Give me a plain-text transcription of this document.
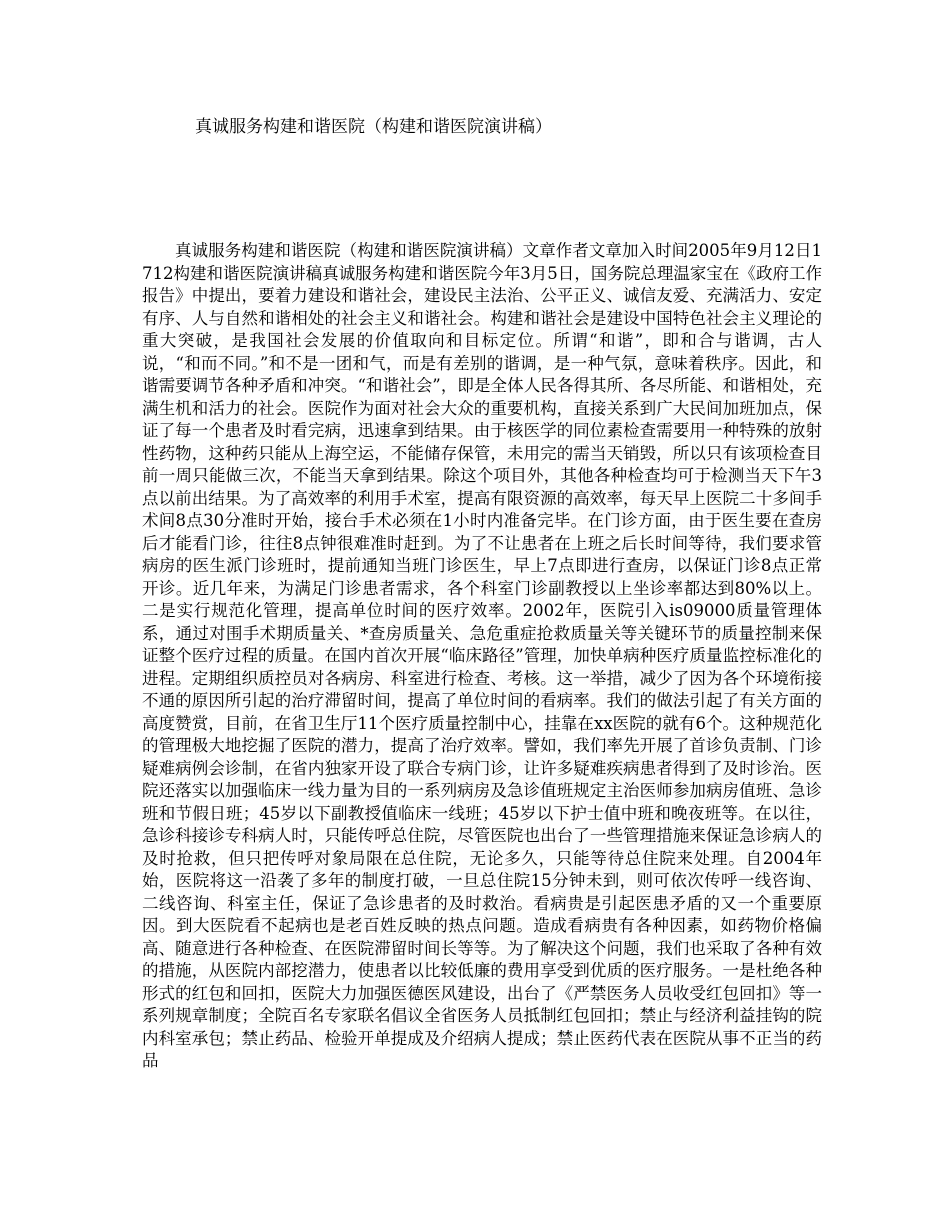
真诚服务构建和谐医院（构建和谐医院演讲稿）

真诚服务构建和谐医院（构建和谐医院演讲稿）文章作者文章加入时间2005年9月12日1712构建和谐医院演讲稿真诚服务构建和谐医院今年3月5日，国务院总理温家宝在《政府工作报告》中提出，要着力建设和谐社会，建设民主法治、公平正义、诚信友爱、充满活力、安定有序、人与自然和谐相处的社会主义和谐社会。构建和谐社会是建设中国特色社会主义理论的重大突破，是我国社会发展的价值取向和目标定位。所谓“和谐”，即和合与谐调，古人说，“和而不同。”和不是一团和气，而是有差别的谐调，是一种气氛，意味着秩序。因此，和谐需要调节各种矛盾和冲突。“和谐社会”，即是全体人民各得其所、各尽所能、和谐相处，充满生机和活力的社会。医院作为面对社会大众的重要机构，直接关系到广大民间加班加点，保证了每一个患者及时看完病，迅速拿到结果。由于核医学的同位素检查需要用一种特殊的放射性药物，这种药只能从上海空运，不能储存保管，未用完的需当天销毁，所以只有该项检查目前一周只能做三次，不能当天拿到结果。除这个项目外，其他各种检查均可于检测当天下午3点以前出结果。为了高效率的利用手术室，提高有限资源的高效率，每天早上医院二十多间手术间8点30分准时开始，接台手术必须在1小时内准备完毕。在门诊方面，由于医生要在查房后才能看门诊，往往8点钟很难准时赶到。为了不让患者在上班之后长时间等待，我们要求管病房的医生派门诊班时，提前通知当班门诊医生，早上7点即进行查房，以保证门诊8点正常开诊。近几年来，为满足门诊患者需求，各个科室门诊副教授以上坐诊率都达到80%以上。二是实行规范化管理，提高单位时间的医疗效率。2002年，医院引入is09000质量管理体系，通过对围手术期质量关、*查房质量关、急危重症抢救质量关等关键环节的质量控制来保证整个医疗过程的质量。在国内首次开展“临床路径”管理，加快单病种医疗质量监控标准化的进程。定期组织质控员对各病房、科室进行检查、考核。这一举措，减少了因为各个环境衔接不通的原因所引起的治疗滞留时间，提高了单位时间的看病率。我们的做法引起了有关方面的高度赞赏，目前，在省卫生厅11个医疗质量控制中心，挂靠在xx医院的就有6个。这种规范化的管理极大地挖掘了医院的潜力，提高了治疗效率。譬如，我们率先开展了首诊负责制、门诊疑难病例会诊制，在省内独家开设了联合专病门诊，让许多疑难疾病患者得到了及时诊治。医院还落实以加强临床一线力量为目的一系列病房及急诊值班规定主治医师参加病房值班、急诊班和节假日班；45岁以下副教授值临床一线班；45岁以下护士值中班和晚夜班等。在以往，急诊科接诊专科病人时，只能传呼总住院，尽管医院也出台了一些管理措施来保证急诊病人的及时抢救，但只把传呼对象局限在总住院，无论多久，只能等待总住院来处理。自2004年始，医院将这一沿袭了多年的制度打破，一旦总住院15分钟未到，则可依次传呼一线咨询、二线咨询、科室主任，保证了急诊患者的及时救治。看病贵是引起医患矛盾的又一个重要原因。到大医院看不起病也是老百姓反映的热点问题。造成看病贵有各种因素，如药物价格偏高、随意进行各种检查、在医院滞留时间长等等。为了解决这个问题，我们也采取了各种有效的措施，从医院内部挖潜力，使患者以比较低廉的费用享受到优质的医疗服务。一是杜绝各种形式的红包和回扣，医院大力加强医德医风建设，出台了《严禁医务人员收受红包回扣》等一系列规章制度；全院百名专家联名倡议全省医务人员抵制红包回扣；禁止与经济利益挂钩的院内科室承包；禁止药品、检验开单提成及介绍病人提成；禁止医药代表在医院从事不正当的药品
